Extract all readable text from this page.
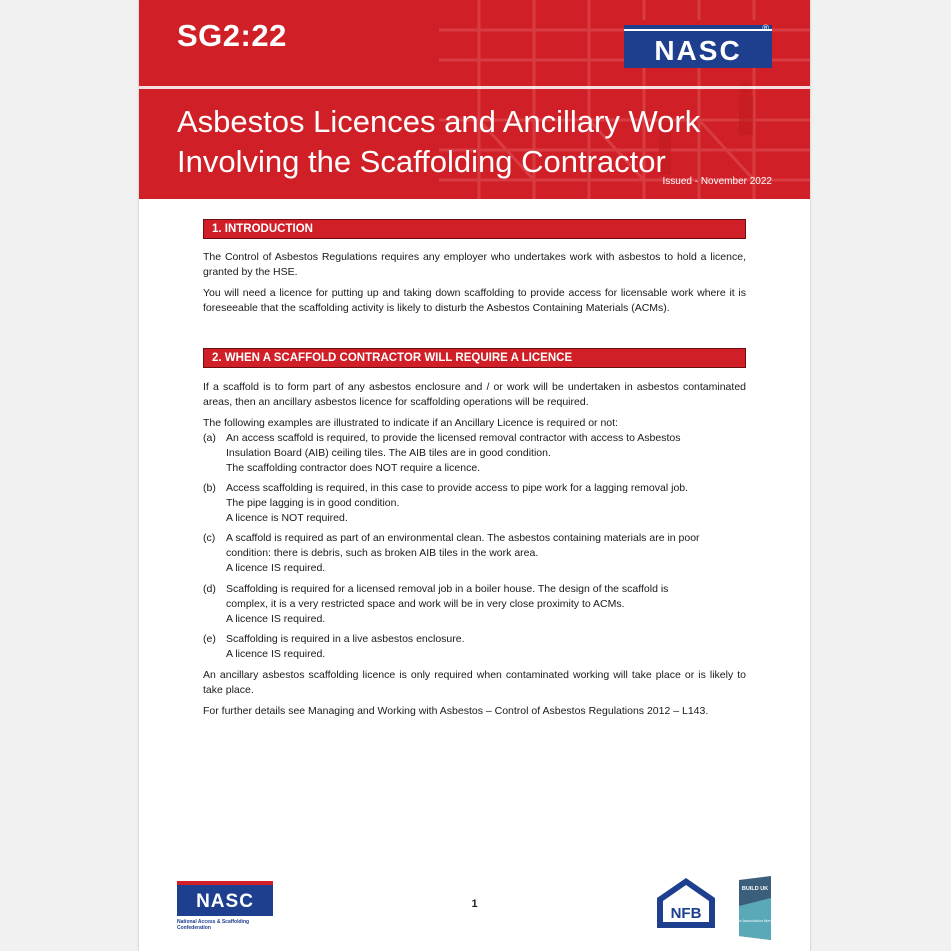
SG2:22	NASC
®
Asbestos Licences and Ancillary Work
Involving the Scaffolding Contractor
Issued - November 2022
1. INTRODUCTION

The Control of Asbestos Regulations requires any employer who undertakes work with asbestos to hold a licence, granted by the HSE.

You will need a licence for putting up and taking down scaffolding to provide access for licensable work where it is foreseeable that the scaffolding activity is likely to disturb the Asbestos Containing Materials (ACMs).

2. WHEN A SCAFFOLD CONTRACTOR WILL REQUIRE A LICENCE

If a scaffold is to form part of any asbestos enclosure and / or work will be undertaken in asbestos contaminated areas, then an ancillary asbestos licence for scaffolding operations will be required.

The following examples are illustrated to indicate if an Ancillary Licence is required or not:

(a) An access scaffold is required, to provide the licensed removal contractor with access to Asbestos
Insulation Board (AIB) ceiling tiles. The AIB tiles are in good condition.
The scaffolding contractor does NOT require a licence.
(b) Access scaffolding is required, in this case to provide access to pipe work for a lagging removal job.
The pipe lagging is in good condition.
A licence is NOT required.
(c) A scaffold is required as part of an environmental clean. The asbestos containing materials are in poor
condition: there is debris, such as broken AIB tiles in the work area.
A licence IS required.
(d) Scaffolding is required for a licensed removal job in a boiler house. The design of the scaffold is
complex, it is a very restricted space and work will be in very close proximity to ACMs.
A licence IS required.
(e) Scaffolding is required in a live asbestos enclosure.
A licence IS required.

An ancillary asbestos scaffolding licence is only required when contaminated working will take place or is likely to take place.

For further details see Managing and Working with Asbestos – Control of Asbestos Regulations 2012 – L143.

NASC
National Access & Scaffolding Confederation
1
NFB
BUILD UK
Trade Association Member
